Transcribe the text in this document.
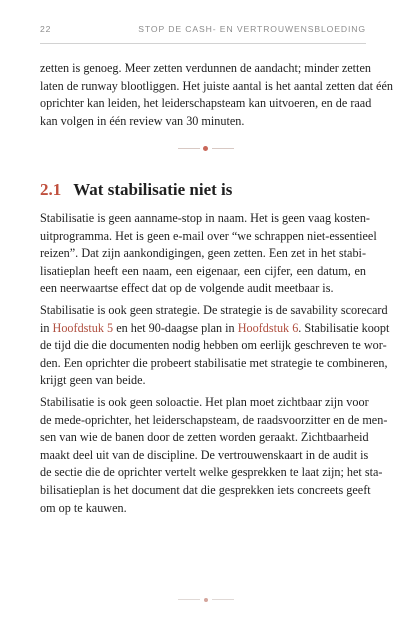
22	STOP DE CASH- EN VERTROUWENSBLOEDING

zetten is genoeg. Meer zetten verdunnen de aandacht; minder zetten
laten de runway blootliggen. Het juiste aantal is het aantal zetten dat één
oprichter kan leiden, het leiderschapsteam kan uitvoeren, en de raad
kan volgen in één review van 30 minuten.

2.1 Wat stabilisatie niet is

Stabilisatie is geen aanname-stop in naam. Het is geen vaag kosten-
uitprogramma. Het is geen e-mail over “we schrappen niet-essentieel
reizen”. Dat zijn aankondigingen, geen zetten. Een zet in het stabi-
lisatieplan heeft een naam, een eigenaar, een cijfer, een datum, en
een neerwaartse effect dat op de volgende audit meetbaar is.

Stabilisatie is ook geen strategie. De strategie is de savability scorecard
in Hoofdstuk 5 en het 90-daagse plan in Hoofdstuk 6. Stabilisatie koopt
de tijd die die documenten nodig hebben om eerlijk geschreven te wor-
den. Een oprichter die probeert stabilisatie met strategie te combineren,
krijgt geen van beide.

Stabilisatie is ook geen soloactie. Het plan moet zichtbaar zijn voor
de mede-oprichter, het leiderschapsteam, de raadsvoorzitter en de men-
sen van wie de banen door de zetten worden geraakt. Zichtbaarheid
maakt deel uit van de discipline. De vertrouwenskaart in de audit is
de sectie die de oprichter vertelt welke gesprekken te laat zijn; het sta-
bilisatieplan is het document dat die gesprekken iets concreets geeft
om op te kauwen.
